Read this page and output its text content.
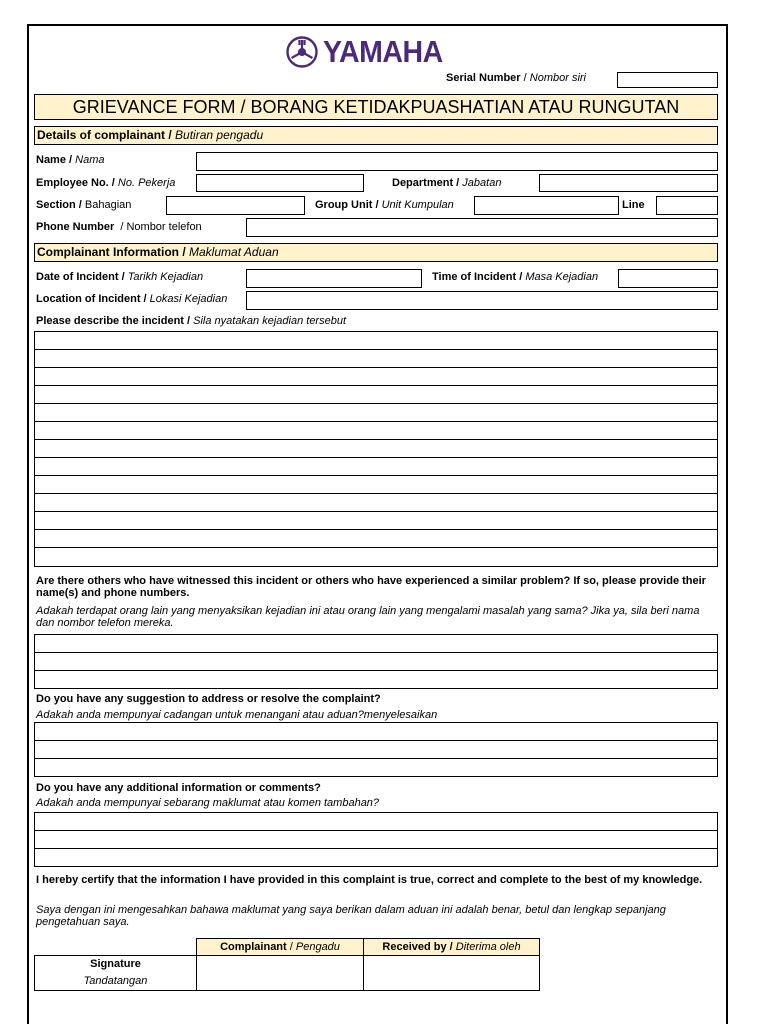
YAMAHA
Serial Number / Nombor siri
GRIEVANCE FORM / BORANG KETIDAKPUASHATIAN ATAU RUNGUTAN
Details of complainant / Butiran pengadu
Name / Nama
Employee No. / No. Pekerja	Department / Jabatan
Section / Bahagian	Group Unit / Unit Kumpulan	Line
Phone Number  / Nombor telefon
Complainant Information / Maklumat Aduan
Date of Incident / Tarikh Kejadian	Time of Incident / Masa Kejadian
Location of Incident / Lokasi Kejadian
Please describe the incident / Sila nyatakan kejadian tersebut
Are there others who have witnessed this incident or others who have experienced a similar problem? If so, please provide their name(s) and phone numbers.
Adakah terdapat orang lain yang menyaksikan kejadian ini atau orang lain yang mengalami masalah yang sama? Jika ya, sila beri nama dan nombor telefon mereka.
Do you have any suggestion to address or resolve the complaint?
Adakah anda mempunyai cadangan untuk menangani atau aduan?menyelesaikan
Do you have any additional information or comments?
Adakah anda mempunyai sebarang maklumat atau komen tambahan?
I hereby certify that the information I have provided in this complaint is true, correct and complete to the best of my knowledge.
Saya dengan ini mengesahkan bahawa maklumat yang saya berikan dalam aduan ini adalah benar, betul dan lengkap sepanjang pengetahuan saya.
	Complainant / Pengadu	Received by / Diterima oleh
Signature
Tandatangan		
